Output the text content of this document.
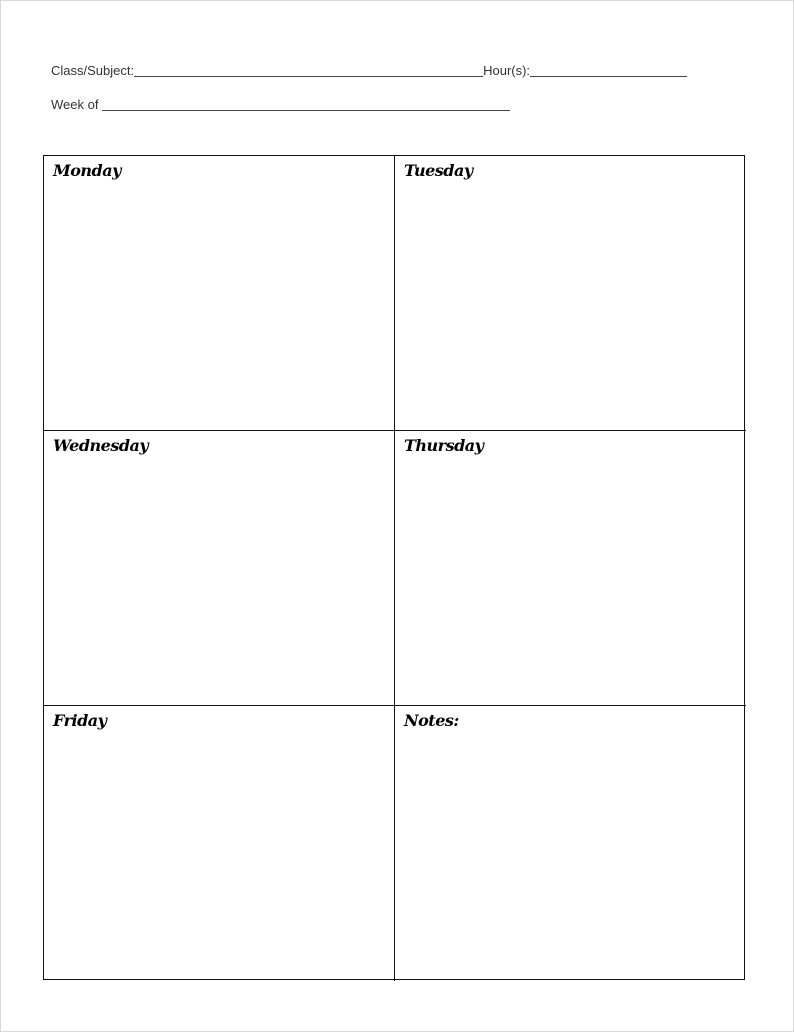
Class/Subject:	Hour(s):
Week of
Monday	Tuesday
Wednesday	Thursday
Friday	Notes:
